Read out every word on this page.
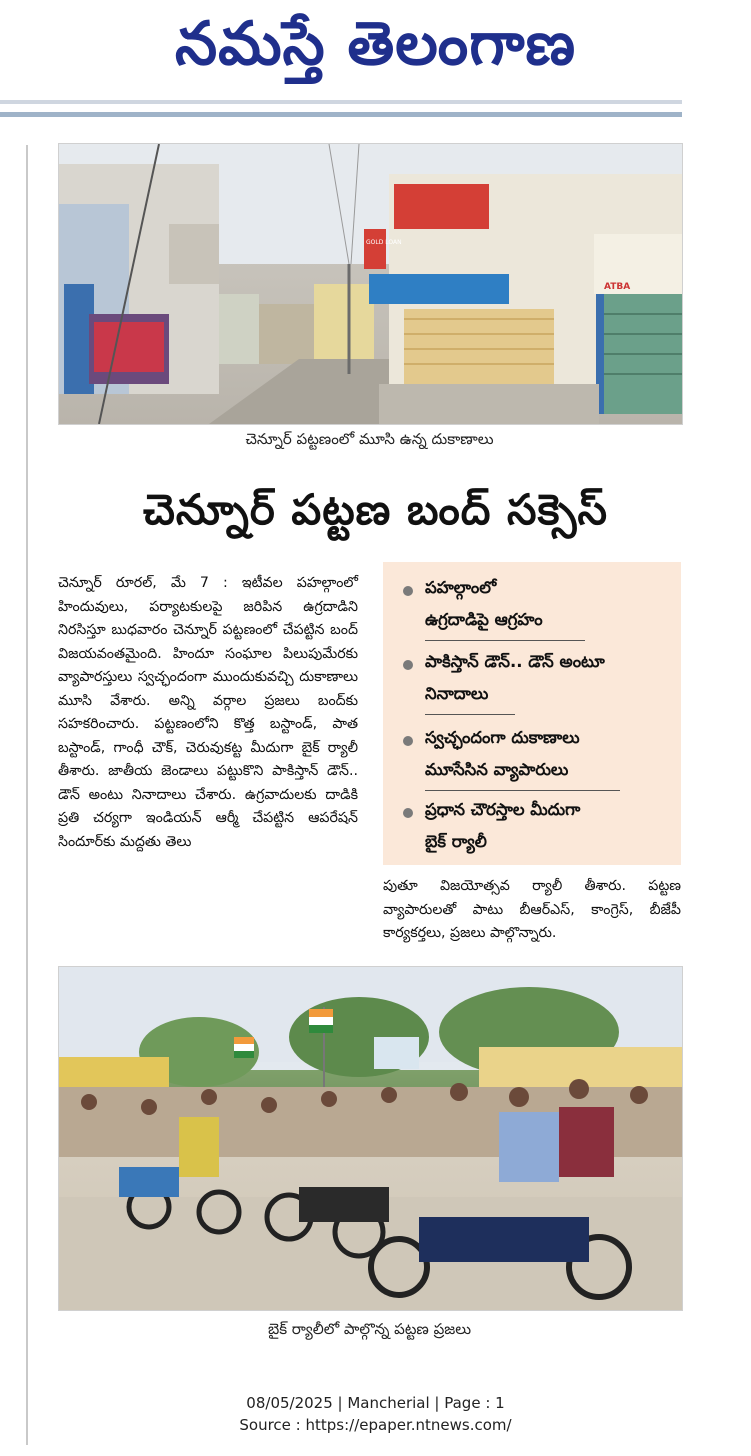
నమస్తే తెలంగాణ
GOLD LOAN
ATBA
చెన్నూర్ పట్టణంలో మూసి ఉన్న దుకాణాలు
చెన్నూర్ పట్టణ బంద్ సక్సెస్
చెన్నూర్ రూరల్, మే 7 : ఇటీవల పహల్గాంలో హిందువులు, పర్యాటకులపై జరిపిన ఉగ్రదాడిని నిరసిస్తూ బుధవారం చెన్నూర్ పట్టణంలో చేపట్టిన బంద్ విజయవంతమైంది. హిందూ సంఘాల పిలుపుమేరకు వ్యాపారస్తులు స్వచ్ఛందంగా ముందుకువచ్చి దుకాణాలు మూసి వేశారు. అన్ని వర్గాల ప్రజలు బంద్‌కు సహకరించారు. పట్టణంలోని కొత్త బస్టాండ్, పాత బస్టాండ్, గాంధీ చౌక్, చెరువుకట్ట మీదుగా బైక్ ర్యాలీ తీశారు. జాతీయ జెండాలు పట్టుకొని పాకిస్తాన్ డౌన్.. డౌన్ అంటు నినాదాలు చేశారు. ఉగ్రవాదులకు దాడికి ప్రతి చర్యగా ఇండియన్ ఆర్మీ చేపట్టిన ఆపరేషన్ సిందూర్‌కు మద్దతు తెలు
పహల్గాంలో
ఉగ్రదాడిపై ఆగ్రహం
పాకిస్తాన్ డౌన్.. డౌన్ అంటూ
నినాదాలు
స్వచ్ఛందంగా దుకాణాలు
మూసేసిన వ్యాపారులు
ప్రధాన చౌరస్తాల మీదుగా
బైక్ ర్యాలీ
పుతూ విజయోత్సవ ర్యాలీ తీశారు. పట్టణ వ్యాపారులతో పాటు బీఆర్ఎస్, కాంగ్రెస్, బీజేపీ కార్యకర్తలు, ప్రజలు పాల్గొన్నారు.
బైక్ ర్యాలీలో పాల్గొన్న పట్టణ ప్రజలు
08/05/2025 | Mancherial | Page : 1
Source : https://epaper.ntnews.com/
